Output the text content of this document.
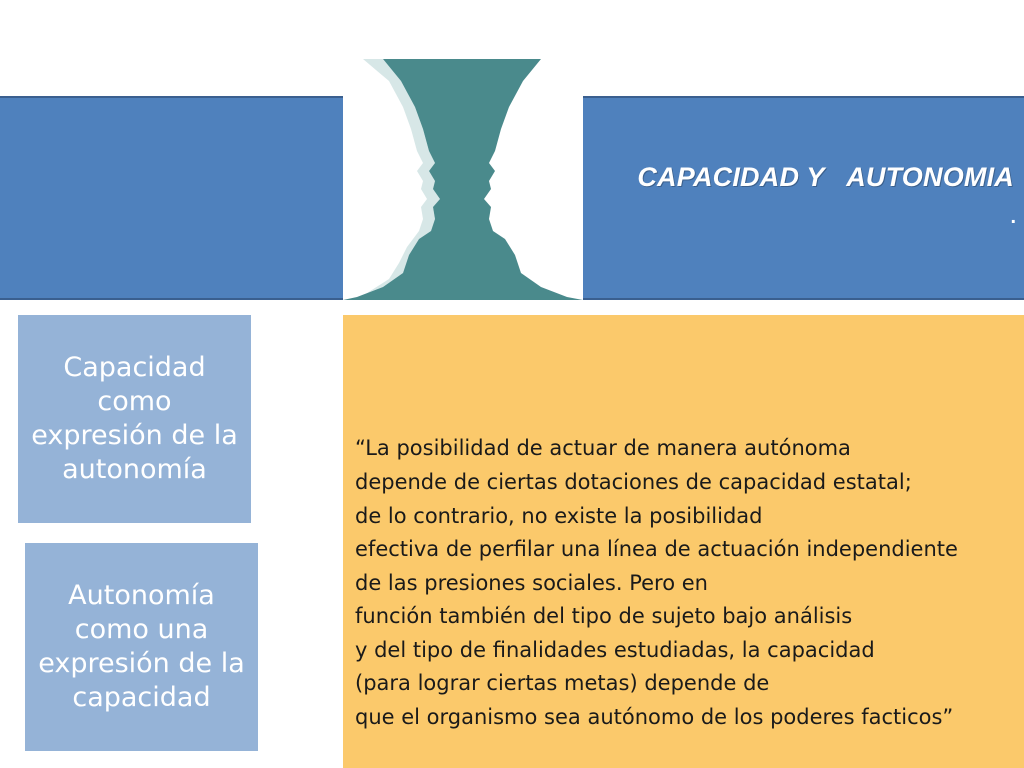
CAPACIDAD Y   AUTONOMIA
.
Capacidad
como
expresión de la
autonomía
Autonomía
como una
expresión de la
capacidad
“La posibilidad de actuar de manera autónoma
depende de ciertas dotaciones de capacidad estatal;
de lo contrario, no existe la posibilidad
efectiva de perfilar una línea de actuación independiente
de las presiones sociales. Pero en
función también del tipo de sujeto bajo análisis
y del tipo de finalidades estudiadas, la capacidad
(para lograr ciertas metas) depende de
que el organismo sea autónomo de los poderes facticos”
